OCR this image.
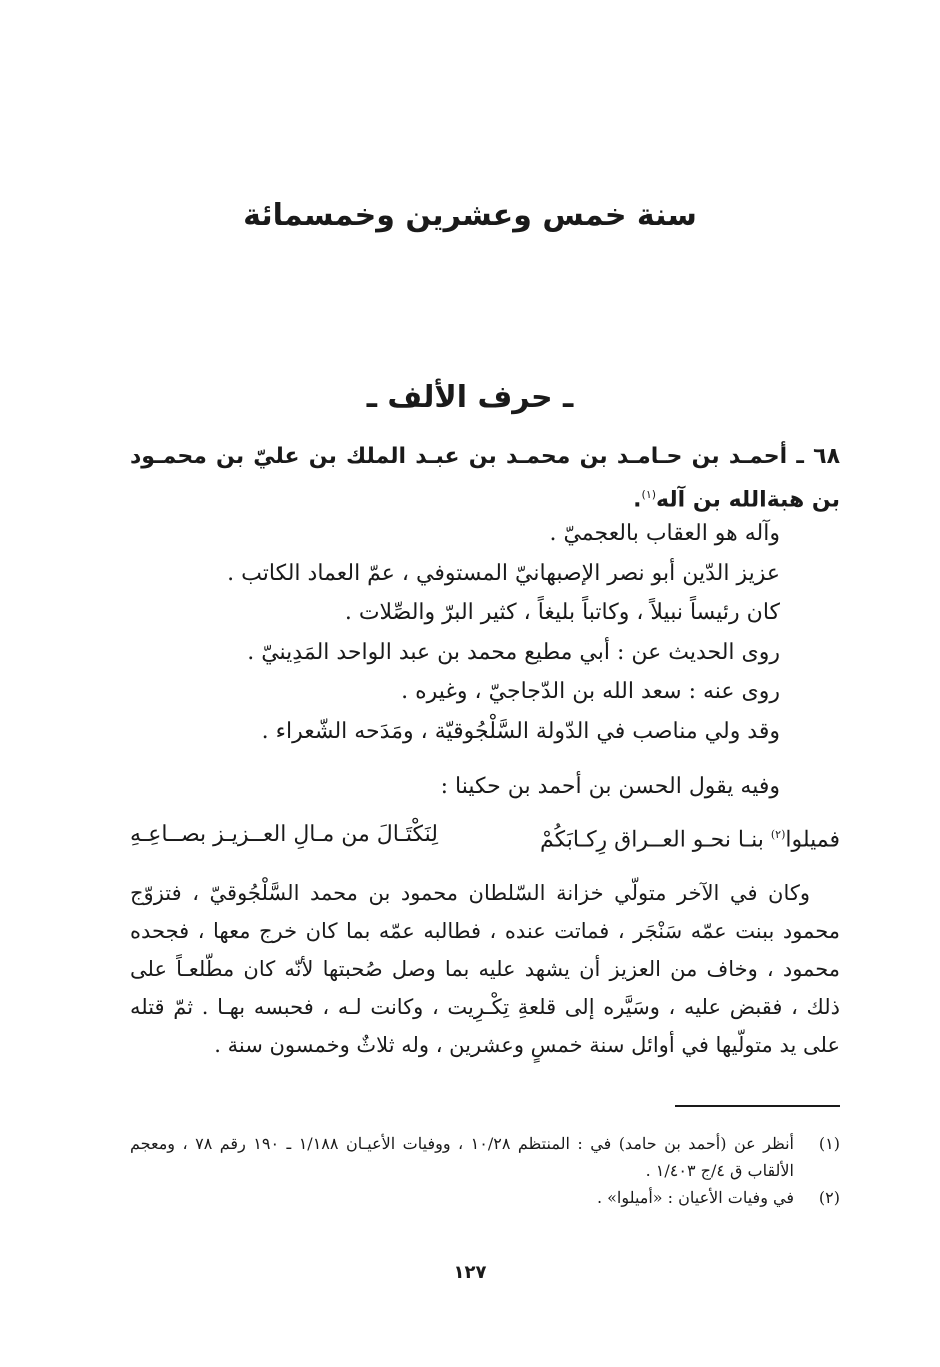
سنة خمس وعشرين وخمسمائة
ـ حرف الألف ـ
٦٨ ـ أحمـد بن حـامـد بن محمـد بن عبـد الملك بن عليّ بن محمـود بن هبةالله بن آله$^{(١)}$.
وآله هو العقاب بالعجميّ .
عزيز الدّين أبو نصر الإصبهانيّ المستوفي ، عمّ العماد الكاتب .
كان رئيساً نبيلاً ، وكاتباً بليغاً ، كثير البرّ والصِّلات .
روى الحديث عن : أبي مطيع محمد بن عبد الواحد المَدِينيّ .
روى عنه : سعد الله بن الدّجاجيّ ، وغيره .
وقد ولي مناصب في الدّولة السَّلْجُوقيّة ، ومَدَحه الشّعراء .
وفيه يقول الحسن بن أحمد بن حكينا :
فميلوا$^{(٢)}$ بنـا نحـو العــراق رِكـابَكُمْ
لِنَكْتَـالَ من مـالِ العــزيـز بصــاعِـهِ
وكان في الآخر متولّي خزانة السّلطان محمود بن محمد السَّلْجُوقيّ ، فتزوّج محمود ببنت عمّه سَنْجَر ، فماتت عنده ، فطالبه عمّه بما كان خرج معها ، فجحده محمود ، وخاف من العزيز أن يشهد عليه بما وصل صُحبتها لأنّه كان مطّلعـاً على ذلك ، فقبض عليه ، وسَيَّره إلى قلعةِ تِكْـرِيت ، وكانت لـه ، فحبسه بهـا . ثمّ قتله على يد متولّيها في أوائل سنة خمسٍ وعشرين ، وله ثلاثٌ وخمسون سنة .
(١)
أنظر عن (أحمد بن حامد) في : المنتظم ١٠/٢٨ ، ووفيات الأعيـان ١/١٨٨ ـ ١٩٠ رقم ٧٨ ، ومعجم الألقاب ق ٤/ج ١/٤٠٣ .
(٢)
في وفيات الأعيان : «أميلوا» .
١٢٧
